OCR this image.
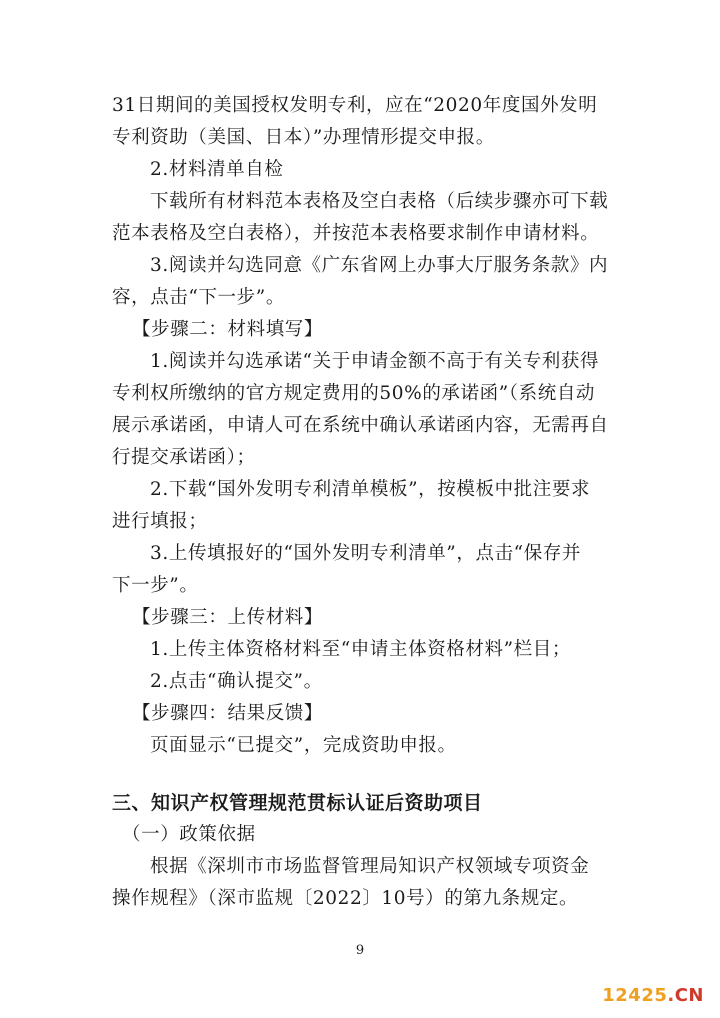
31日期间的美国授权发明专利，应在“2020年度国外发明
专利资助（美国、日本）”办理情形提交申报。
2.材料清单自检
下载所有材料范本表格及空白表格（后续步骤亦可下载
范本表格及空白表格），并按范本表格要求制作申请材料。
3.阅读并勾选同意《广东省网上办事大厅服务条款》内
容，点击“下一步”。
【步骤二：材料填写】
1.阅读并勾选承诺“关于申请金额不高于有关专利获得
专利权所缴纳的官方规定费用的50%的承诺函”（系统自动
展示承诺函，申请人可在系统中确认承诺函内容，无需再自
行提交承诺函）；
2.下载“国外发明专利清单模板”，按模板中批注要求
进行填报；
3.上传填报好的“国外发明专利清单”，点击“保存并
下一步”。
【步骤三：上传材料】
1.上传主体资格材料至“申请主体资格材料”栏目；
2.点击“确认提交”。
【步骤四：结果反馈】
页面显示“已提交”，完成资助申报。
三、知识产权管理规范贯标认证后资助项目
（一）政策依据
根据《深圳市市场监督管理局知识产权领域专项资金
操作规程》（深市监规〔2022〕10号）的第九条规定。
9
12425.CN
